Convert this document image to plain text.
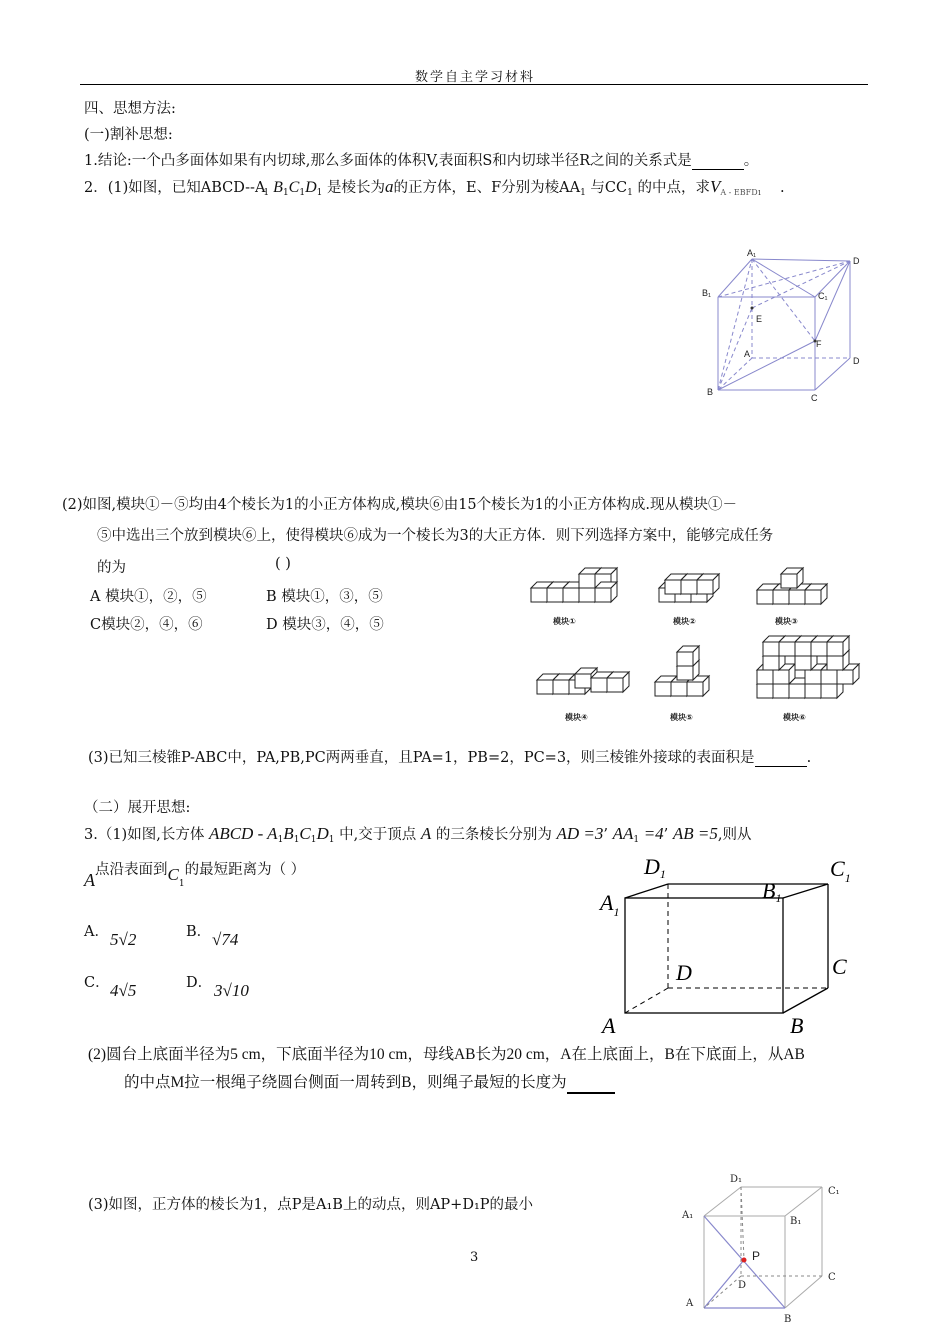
数学自主学习材料
四、思想方法:
(一)割补思想:
1.结论:一个凸多面体如果有内切球,那么多面体的体积V,表面积S和内切球半径R之间的关系式是	。
2．(1)如图，已知ABCD-$-A_1$ $B_1C_1D_1$ 是棱长为a的正方体，E、F分别为棱$AA_1$ 与$CC_1$ 的中点，求$V_{A - EBFD1}$ .
A₁
D
B₁	C₁
E
A
F
D
B
C
(2)如图,模块①－⑤均由4个棱长为1的小正方体构成,模块⑥由15个棱长为1的小正方体构成.现从模块①－
⑤中选出三个放到模块⑥上，使得模块⑥成为一个棱长为3的大正方体．则下列选择方案中，能够完成任务
的为	( )
A 模块①，②，⑤	B 模块①，③，⑤
C模块②，④，⑥	D 模块③，④，⑤	模块①	模块②	模块③
模块④	模块⑤	模块⑥
(3)已知三棱锥P-ABC中，PA,PB,PC两两垂直，且PA=1，PB=2，PC=3，则三棱锥外接球的表面积是	.
（二）展开思想:
3.（1)如图,长方体 ABCD - $A_1B_1C_1D_1$ 中,交于顶点 A 的三条棱长分别为 AD =3’ $AA_1 =4$’ AB =5,则从
A点沿表面到$C_1$的最短距离为（ ）
A． 5√2	B． √74
C． 4√5	D． 3√10
D1
B1
$C_1$
$A_1$
D	C
A	B
(2)圆台上底面半径为5 cm，下底面半径为10 cm，母线AB长为20 cm，A在上底面上，B在下底面上，从AB
的中点M拉一根绳子绕圆台侧面一周转到B，则绳子最短的长度为
(3)如图，正方体的棱长为1，点P是A₁B上的动点，则AP+D₁P的最小
3
D₁
C₁
A₁
B₁
P
D
C
A
B
